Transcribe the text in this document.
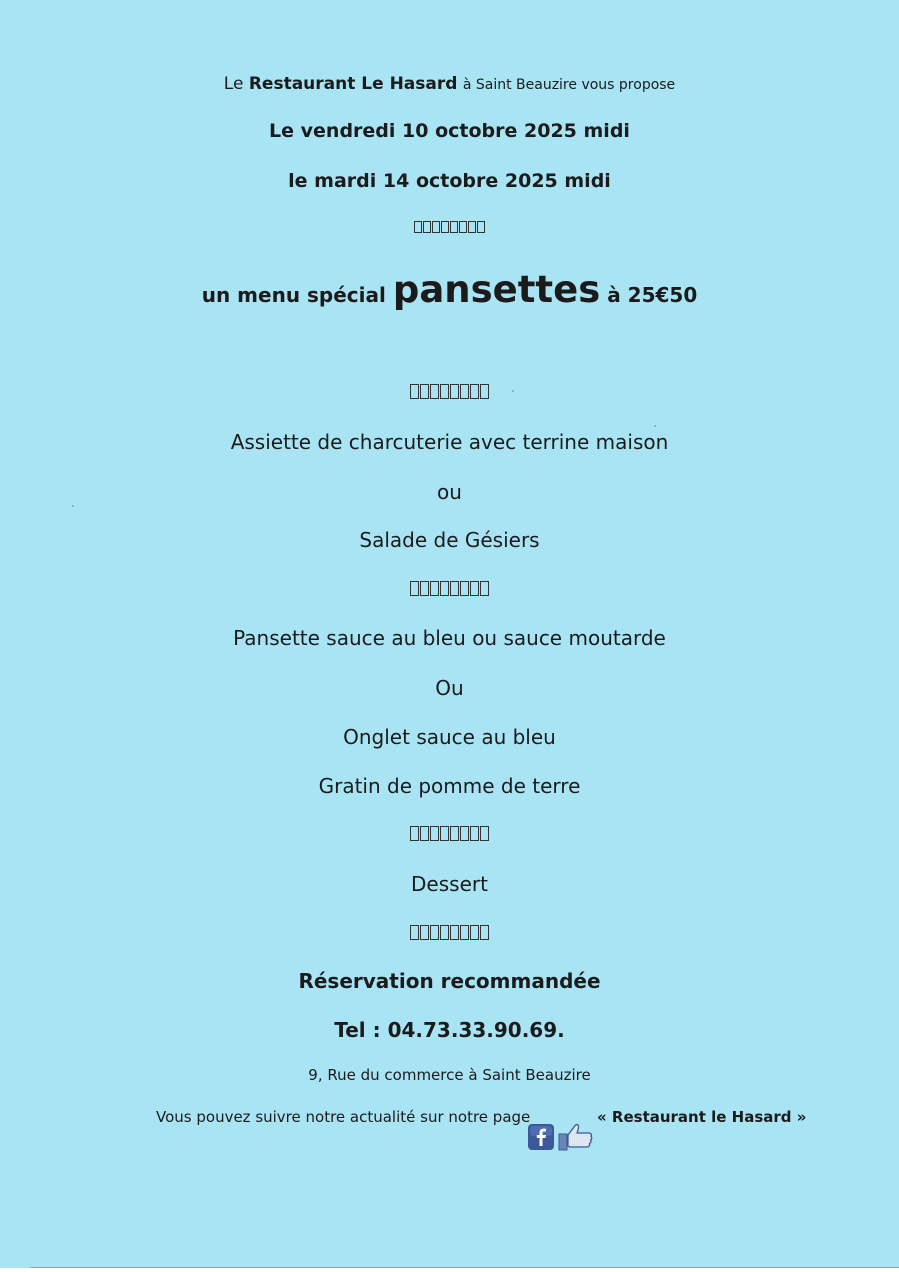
Le Restaurant Le Hasard à Saint Beauzire vous propose
Le vendredi 10 octobre 2025 midi
le mardi 14 octobre 2025 midi
un menu spécial pansettes à 25€50
Assiette de charcuterie avec terrine maison
ou
Salade de Gésiers
Pansette sauce au bleu ou sauce moutarde
Ou
Onglet sauce au bleu
Gratin de pomme de terre
Dessert
Réservation recommandée
Tel : 04.73.33.90.69.
9, Rue du commerce à Saint Beauzire
Vous pouvez suivre notre actualité sur notre page	« Restaurant le Hasard »
